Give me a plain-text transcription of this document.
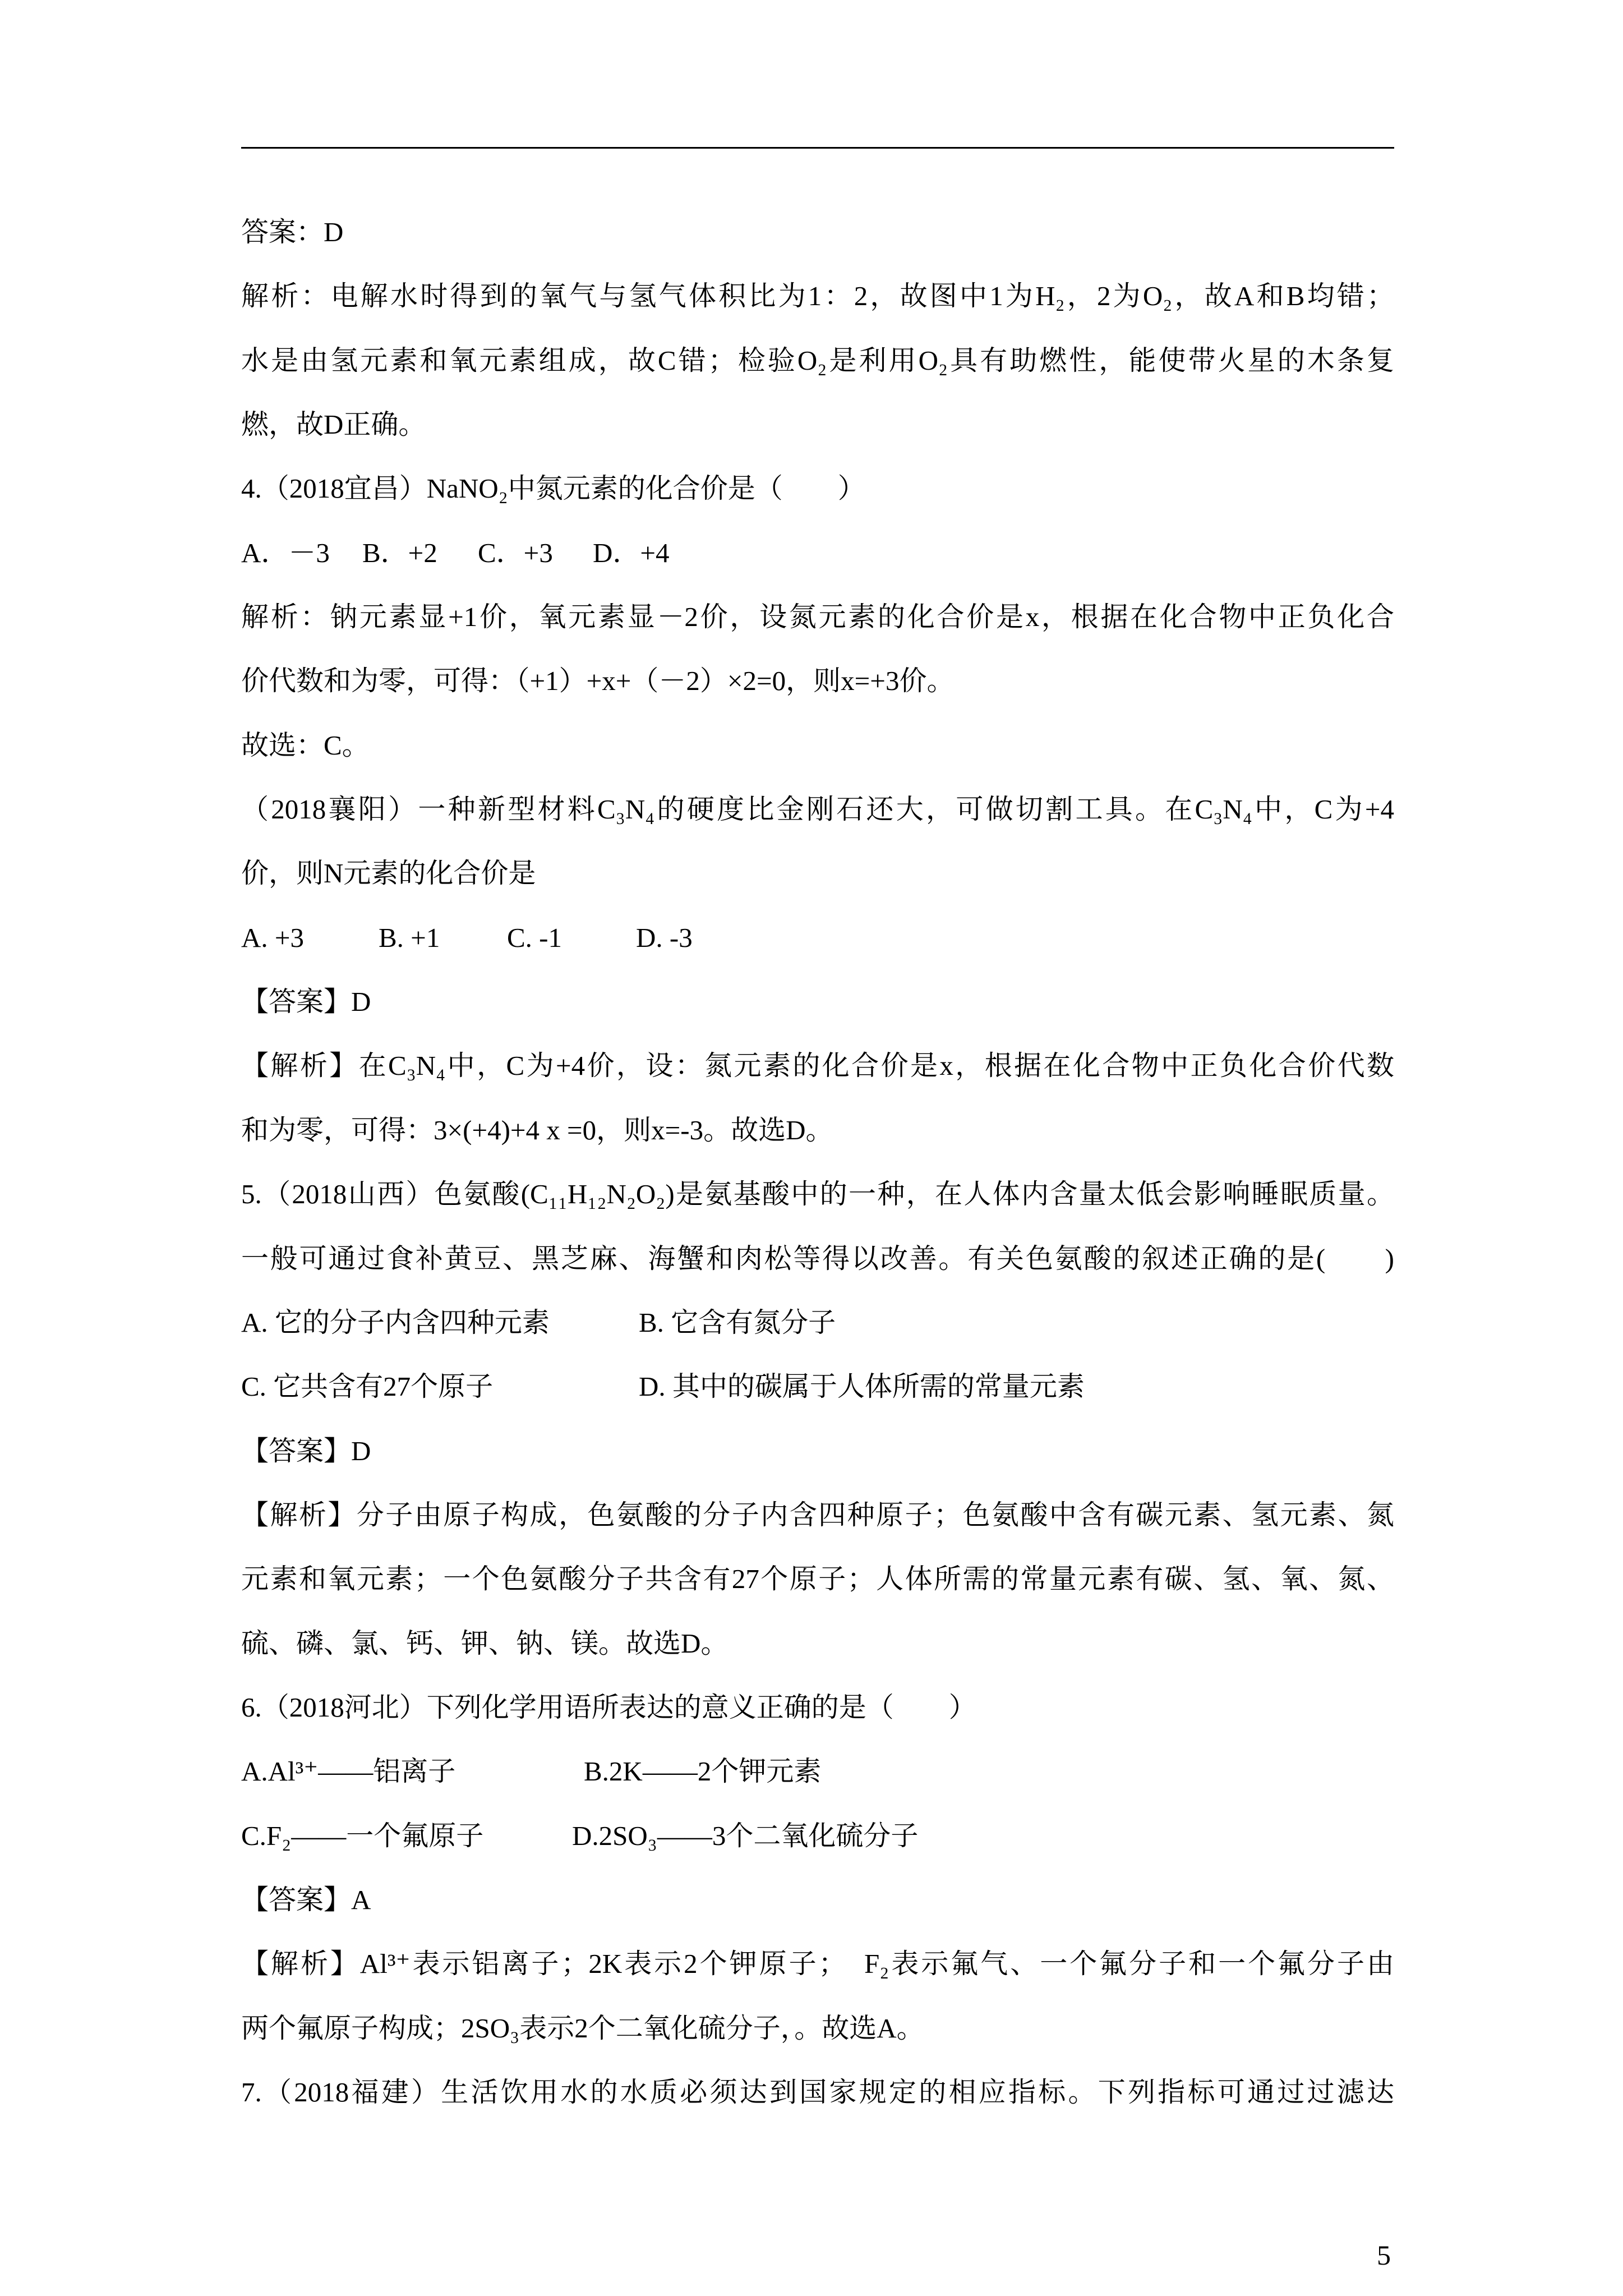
答案：D
解析：电解水时得到的氧气与氢气体积比为1：2，故图中1为H₂，2为O₂，故A和B均错；
水是由氢元素和氧元素组成，故C错；检验O₂是利用O₂具有助燃性，能使带火星的木条复
燃，故D正确。
4.（2018宜昌）NaNO₂中氮元素的化合价是（　　）
A．－3 B．+2 C．+3 D．+4
解析：钠元素显+1价，氧元素显－2价，设氮元素的化合价是x，根据在化合物中正负化合
价代数和为零，可得：（+1）+x+（－2）×2=0，则x=+3价。
故选：C。
（2018襄阳）一种新型材料C₃N₄的硬度比金刚石还大，可做切割工具。在C₃N₄中，C为+4
价，则N元素的化合价是
A. +3	B. +1 C. -1	D. -3
【答案】D
【解析】在C₃N₄中，C为+4价，设：氮元素的化合价是x，根据在化合物中正负化合价代数
和为零，可得：3×(+4)+4 x =0，则x=-3。故选D。
5.（2018山西）色氨酸(C₁₁H₁₂N₂O₂)是氨基酸中的一种，在人体内含量太低会影响睡眠质量。
一般可通过食补黄豆、黑芝麻、海蟹和肉松等得以改善。有关色氨酸的叙述正确的是(　　)
A. 它的分子内含四种元素	B. 它含有氮分子
C. 它共含有27个原子	D. 其中的碳属于人体所需的常量元素
【答案】D
【解析】分子由原子构成，色氨酸的分子内含四种原子；色氨酸中含有碳元素、氢元素、氮
元素和氧元素；一个色氨酸分子共含有27个原子；人体所需的常量元素有碳、氢、氧、氮、
硫、磷、氯、钙、钾、钠、镁。故选D。
6.（2018河北）下列化学用语所表达的意义正确的是（　　）
A.Al³⁺——铝离子	B.2K——2个钾元素
C.F₂——一个氟原子	D.2SO₃——3个二氧化硫分子
【答案】A
【解析】Al³⁺表示铝离子；2K表示2个钾原子；　F₂表示氟气、一个氟分子和一个氟分子由
两个氟原子构成；2SO₃表示2个二氧化硫分子，。故选A。
7.（2018福建）生活饮用水的水质必须达到国家规定的相应指标。下列指标可通过过滤达
5
